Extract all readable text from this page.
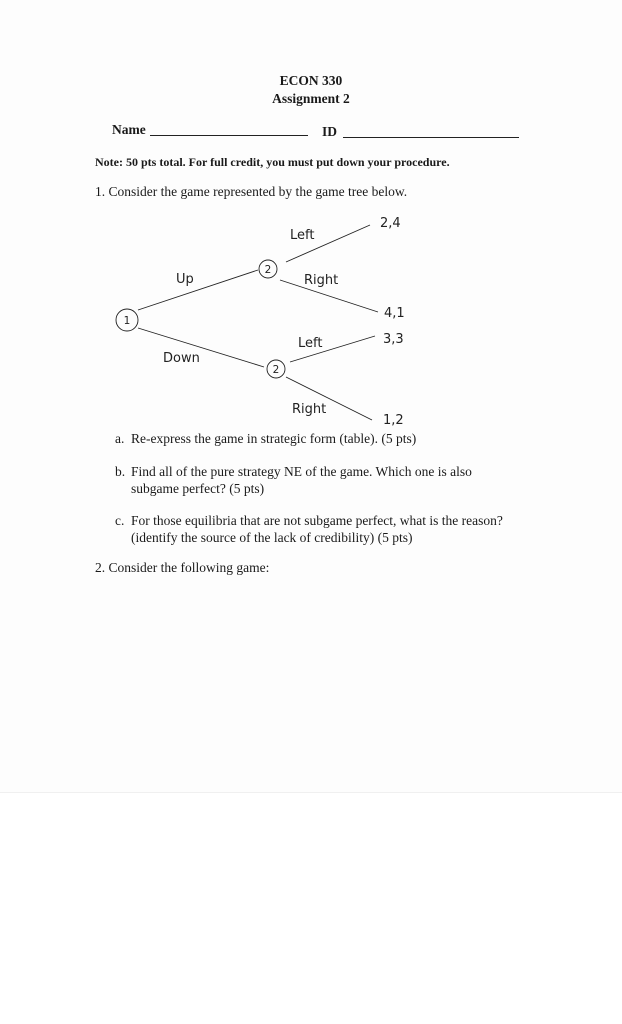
ECON 330
Assignment 2
Name	ID
Note: 50 pts total. For full credit, you must put down your procedure.
1. Consider the game represented by the game tree below.
1
2
2
Up
Down
Left
Right
Left
Right
2,4
4,1
3,3
1,2
a. Re-express the game in strategic form (table). (5 pts)
b. Find all of the pure strategy NE of the game. Which one is also
subgame perfect? (5 pts)
c. For those equilibria that are not subgame perfect, what is the reason?
(identify the source of the lack of credibility) (5 pts)
2. Consider the following game:
